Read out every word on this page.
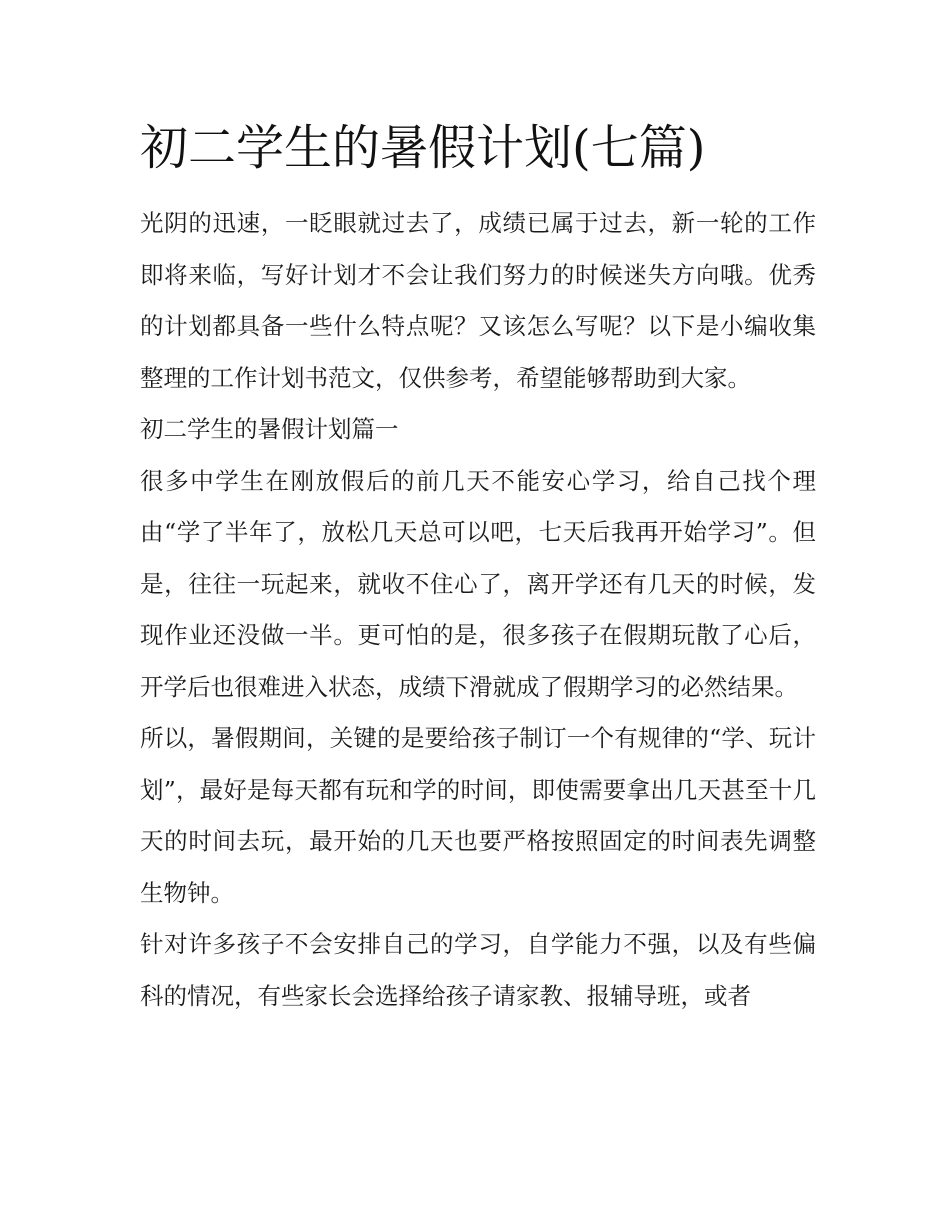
初二学生的暑假计划(七篇)

光阴的迅速，一眨眼就过去了，成绩已属于过去，新一轮的工作即将来临，写好计划才不会让我们努力的时候迷失方向哦。优秀的计划都具备一些什么特点呢？又该怎么写呢？以下是小编收集整理的工作计划书范文，仅供参考，希望能够帮助到大家。

初二学生的暑假计划篇一

很多中学生在刚放假后的前几天不能安心学习，给自己找个理由“学了半年了，放松几天总可以吧，七天后我再开始学习”。但是，往往一玩起来，就收不住心了，离开学还有几天的时候，发现作业还没做一半。更可怕的是，很多孩子在假期玩散了心后，开学后也很难进入状态，成绩下滑就成了假期学习的必然结果。

所以，暑假期间，关键的是要给孩子制订一个有规律的“学、玩计划”，最好是每天都有玩和学的时间，即使需要拿出几天甚至十几天的时间去玩，最开始的几天也要严格按照固定的时间表先调整生物钟。

针对许多孩子不会安排自己的学习，自学能力不强，以及有些偏科的情况，有些家长会选择给孩子请家教、报辅导班，或者
